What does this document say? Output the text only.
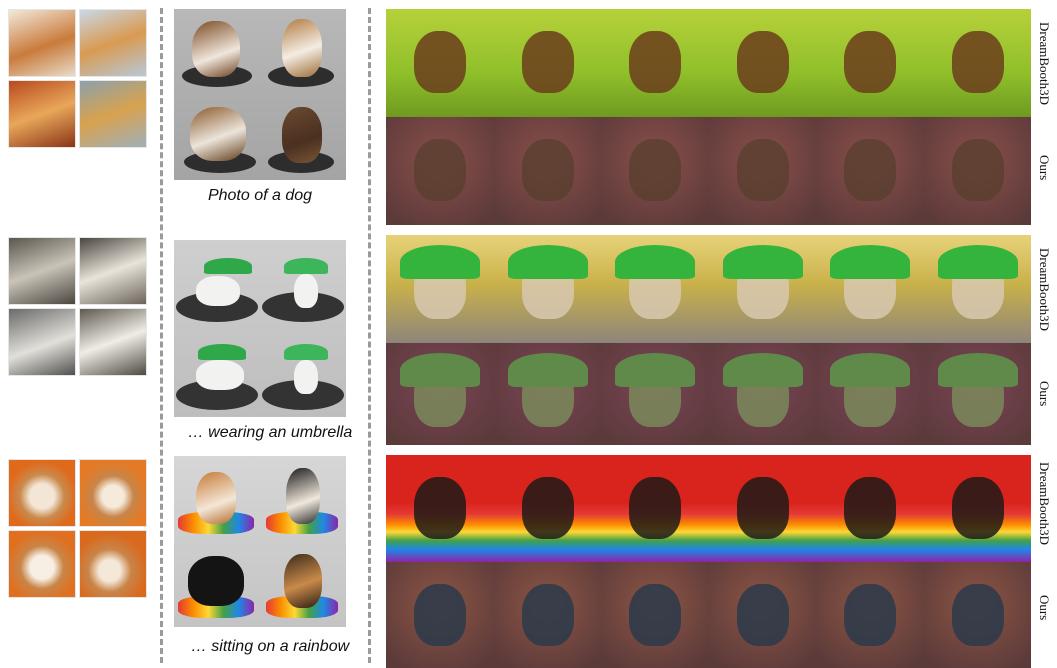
Photo of a dog
… wearing an umbrella
… sitting on a rainbow
DreamBooth3D
Ours
DreamBooth3D
Ours
DreamBooth3D
Ours
